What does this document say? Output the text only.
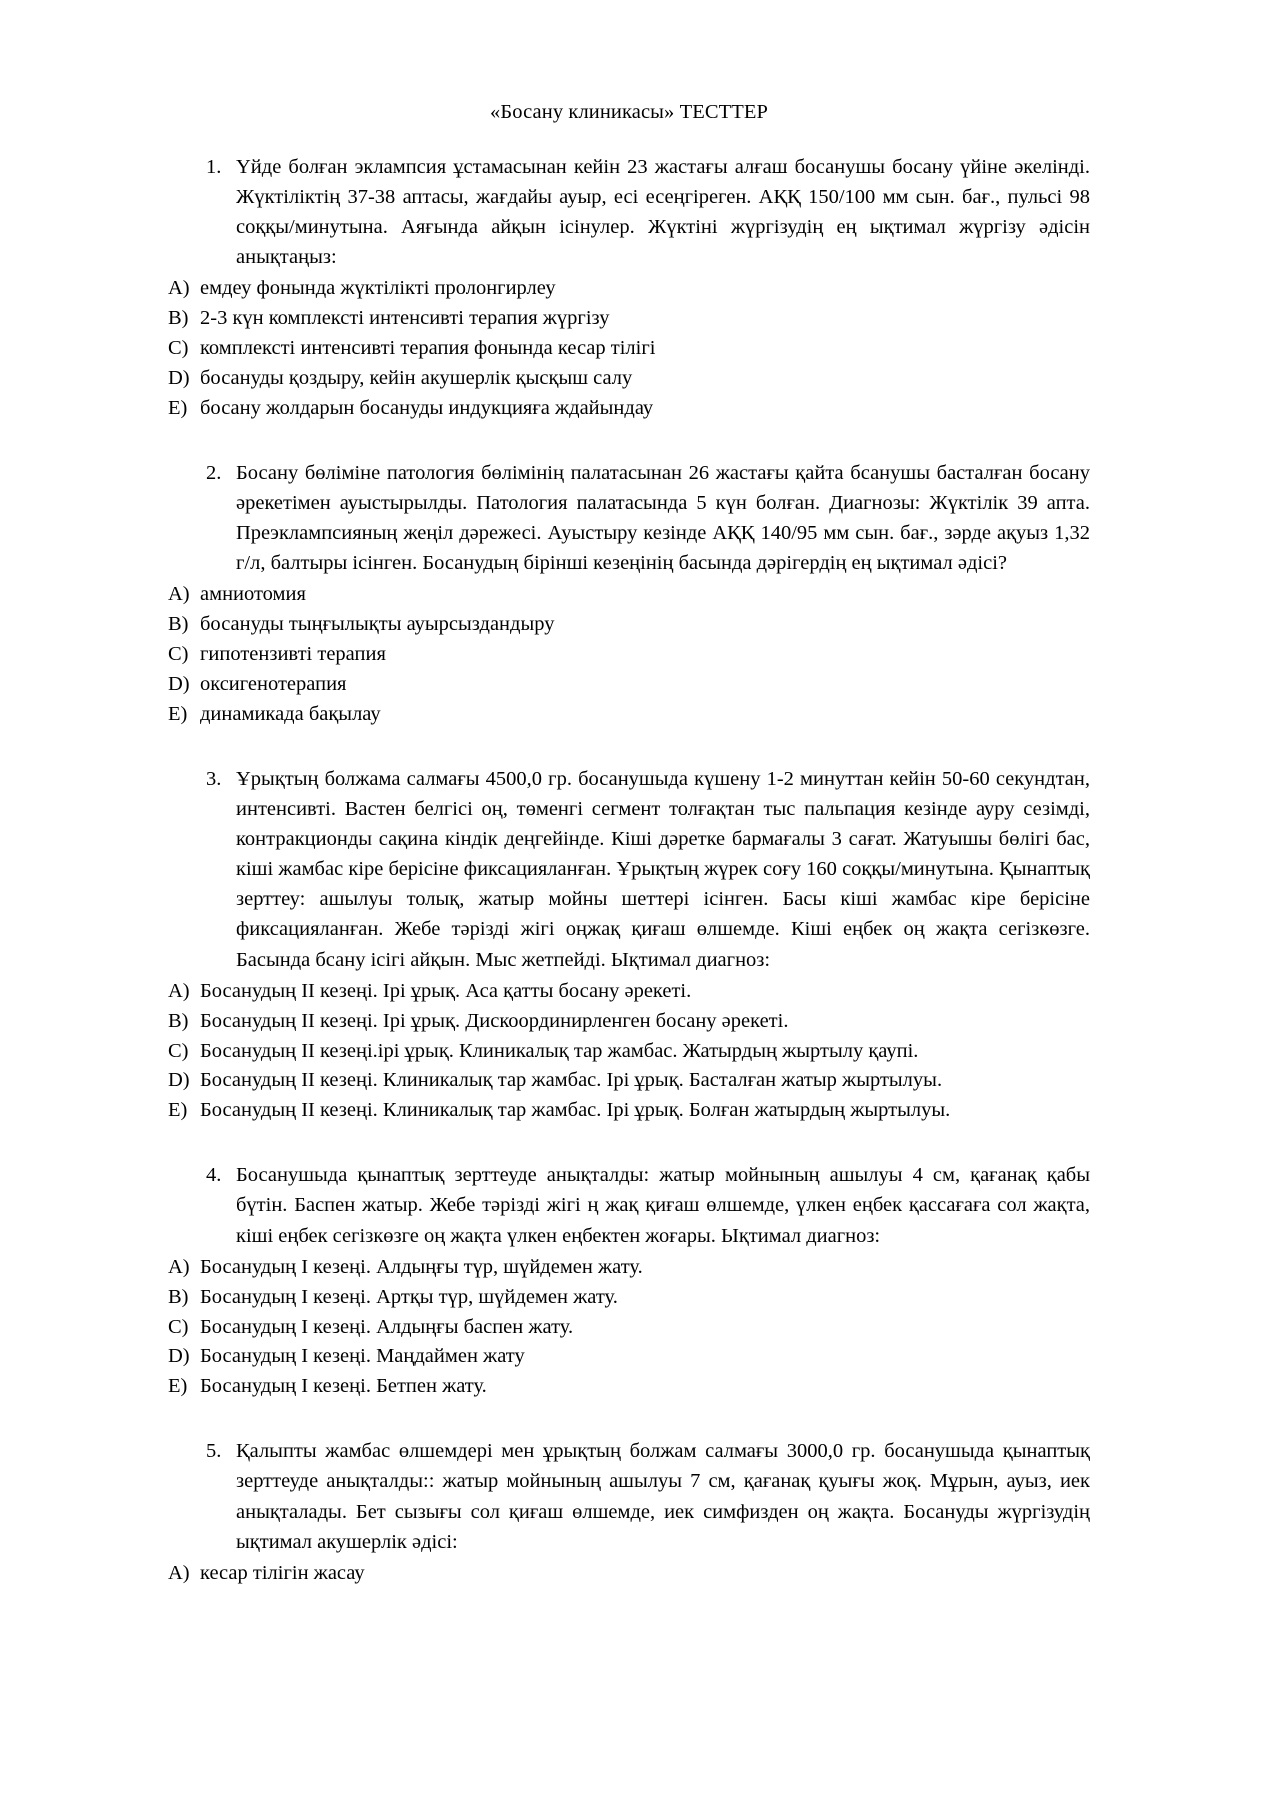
«Босану клиникасы» ТЕСТТЕР
1. Үйде болған эклампсия ұстамасынан кейін 23 жастағы алғаш босанушы босану үйіне әкелінді. Жүктіліктің 37-38 аптасы, жағдайы ауыр, есі есеңгіреген. АҚҚ 150/100 мм сын. бағ., пульсі 98 соққы/минутына. Аяғында айқын ісінулер. Жүктіні жүргізудің ең ықтимал жүргізу әдісін анықтаңыз:
A) емдеу фонында жүктілікті пролонгирлеу
B) 2-3 күн комплексті интенсивті терапия жүргізу
C) комплексті интенсивті терапия фонында кесар тілігі
D) босануды қоздыру, кейін акушерлік қысқыш салу
E) босану жолдарын босануды индукцияға ждайындау
2. Босану бөліміне патология бөлімінің палатасынан 26 жастағы қайта бсанушы басталған босану әрекетімен ауыстырылды. Патология палатасында 5 күн болған. Диагнозы: Жүктілік 39 апта. Преэклампсияның жеңіл дәрежесі. Ауыстыру кезінде АҚҚ 140/95 мм сын. бағ., зәрде ақуыз 1,32 г/л, балтыры ісінген. Босанудың бірінші кезеңінің басында дәрігердің ең ықтимал әдісі?
A) амниотомия
B) босануды тыңғылықты ауырсыздандыру
C) гипотензивті терапия
D) оксигенотерапия
E) динамикада бақылау
3. Ұрықтың болжама салмағы 4500,0 гр. босанушыда күшену 1-2 минуттан кейін 50-60 секундтан, интенсивті. Вастен белгісі оң, төменгі сегмент толғақтан тыс пальпация кезінде ауру сезімді, контракционды сақина кіндік деңгейінде. Кіші дәретке бармағалы 3 сағат. Жатуышы бөлігі бас, кіші жамбас кіре берісіне фиксацияланған. Ұрықтың жүрек соғу 160 соққы/минутына. Қынаптық зерттеу: ашылуы толық, жатыр мойны шеттері ісінген. Басы кіші жамбас кіре берісіне фиксацияланған. Жебе тәрізді жігі оңжақ қиғаш өлшемде. Кіші еңбек оң жақта сегізкөзге. Басында бсану ісігі айқын. Мыс жетпейді. Ықтимал диагноз:
A) Босанудың ІІ кезеңі. Ірі ұрық. Аса қатты босану әрекеті.
B) Босанудың ІІ кезеңі. Ірі ұрық. Дискоординирленген босану әрекеті.
C) Босанудың ІІ кезеңі.ірі ұрық. Клиникалық тар жамбас. Жатырдың жыртылу қаупі.
D) Босанудың ІІ кезеңі. Клиникалық тар жамбас. Ірі ұрық. Басталған жатыр жыртылуы.
E) Босанудың ІІ кезеңі. Клиникалық тар жамбас. Ірі ұрық. Болған жатырдың жыртылуы.
4. Босанушыда қынаптық зерттеуде анықталды: жатыр мойнының ашылуы 4 см, қағанақ қабы бүтін. Баспен жатыр. Жебе тәрізді жігі ң жақ қиғаш өлшемде, үлкен еңбек қассағаға сол жақта, кіші еңбек сегізкөзге оң жақта үлкен еңбектен жоғары. Ықтимал диагноз:
A) Босанудың І кезеңі. Алдыңғы түр, шүйдемен жату.
B) Босанудың І кезеңі. Артқы түр, шүйдемен жату.
C) Босанудың І кезеңі. Алдыңғы баспен жату.
D) Босанудың І кезеңі. Маңдаймен жату
E) Босанудың І кезеңі. Бетпен жату.
5. Қалыпты жамбас өлшемдері мен ұрықтың болжам салмағы 3000,0 гр. босанушыда қынаптық зерттеуде анықталды:: жатыр мойнының ашылуы 7 см, қағанақ қуығы жоқ. Мұрын, ауыз, иек анықталады. Бет сызығы сол қиғаш өлшемде, иек симфизден оң жақта. Босануды жүргізудің ықтимал акушерлік әдісі:
A) кесар тілігін жасау
